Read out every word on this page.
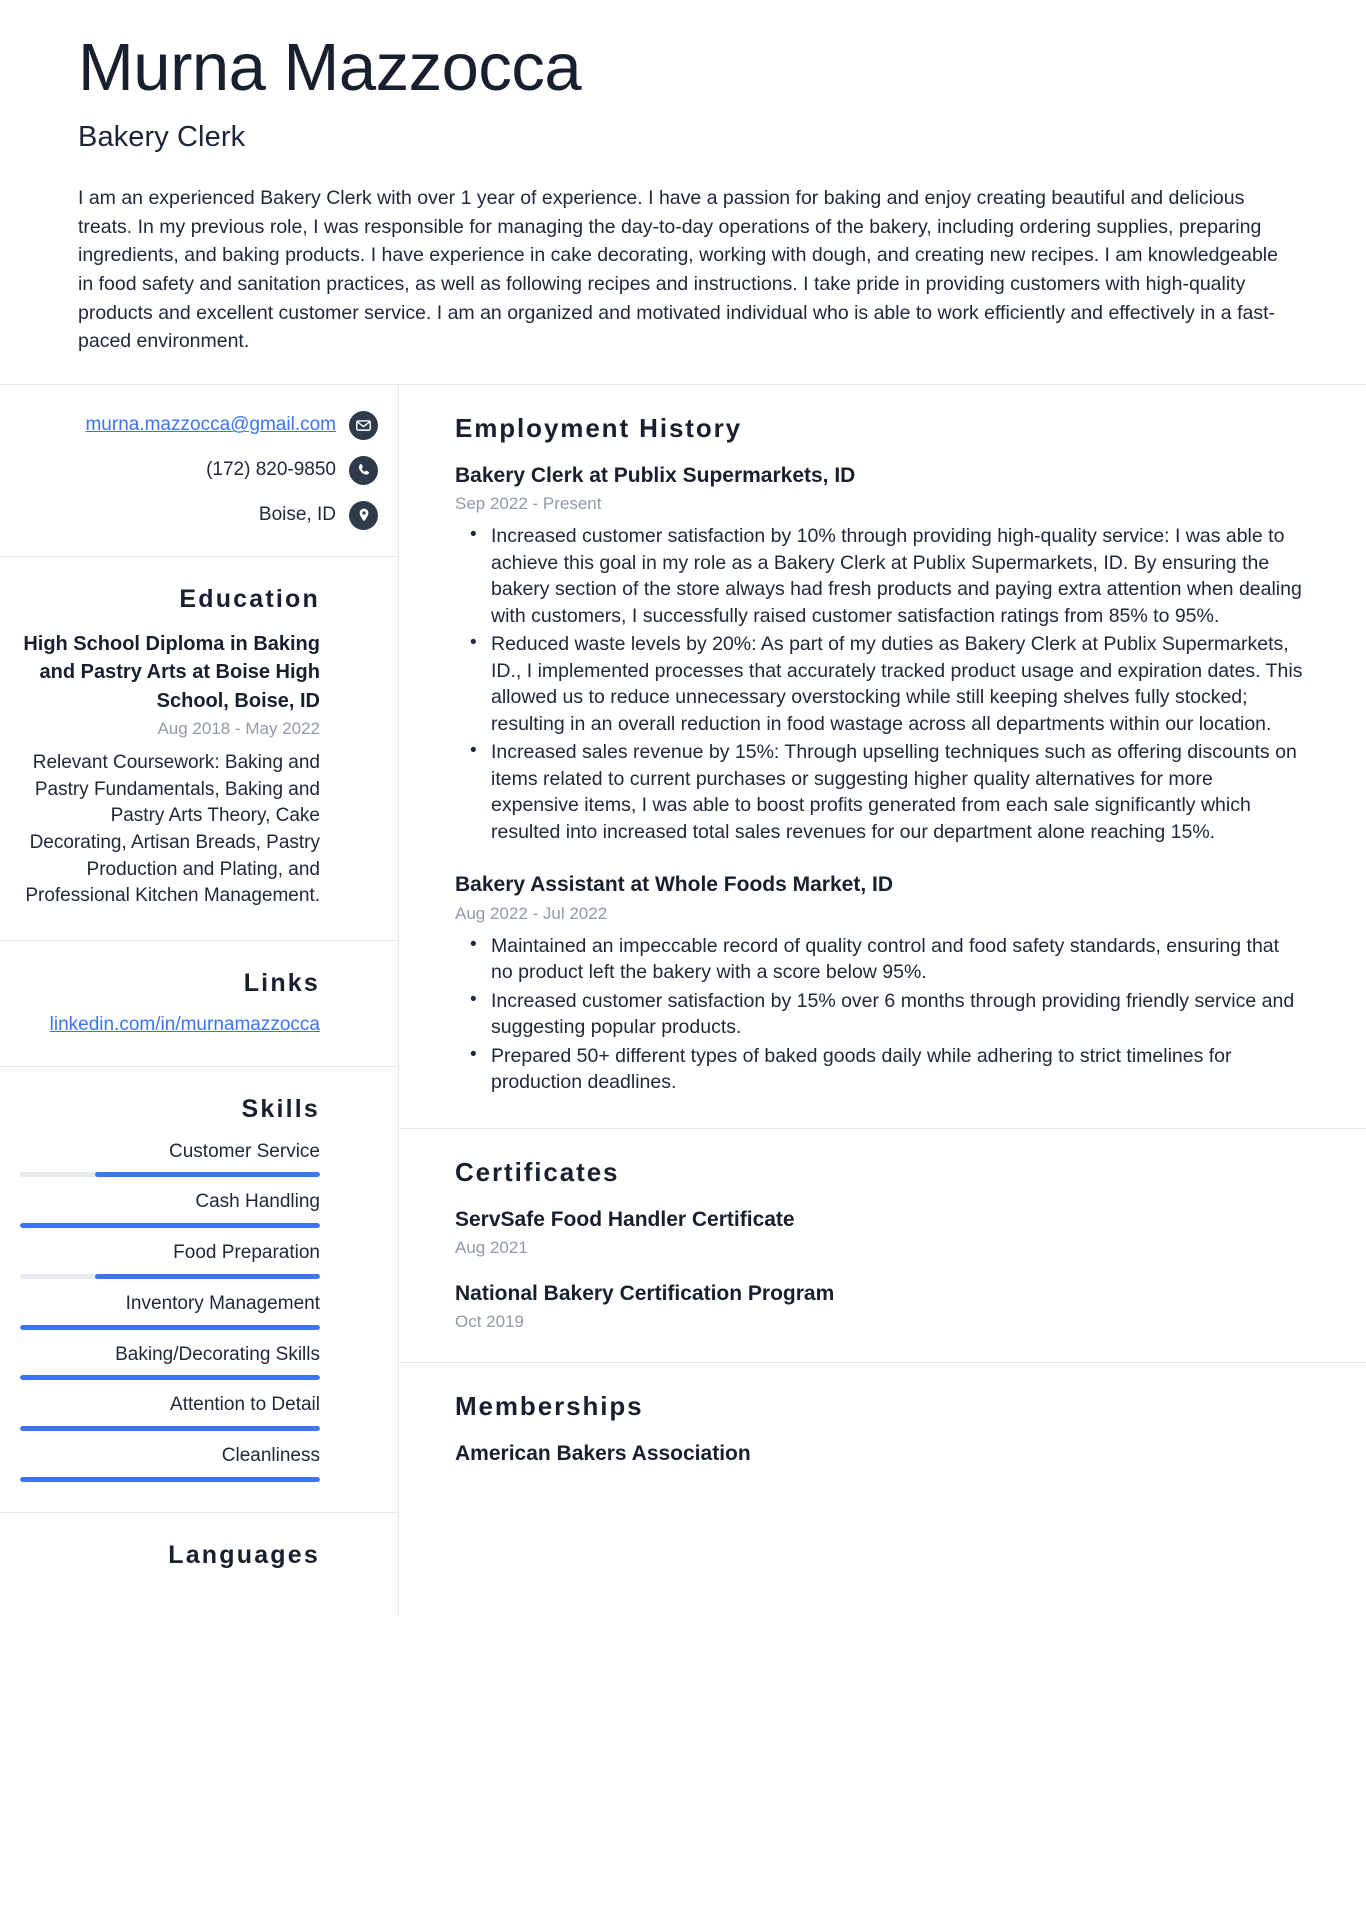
Murna Mazzocca
Bakery Clerk
I am an experienced Bakery Clerk with over 1 year of experience. I have a passion for baking and enjoy creating beautiful and delicious treats. In my previous role, I was responsible for managing the day-to-day operations of the bakery, including ordering supplies, preparing ingredients, and baking products. I have experience in cake decorating, working with dough, and creating new recipes. I am knowledgeable in food safety and sanitation practices, as well as following recipes and instructions. I take pride in providing customers with high-quality products and excellent customer service. I am an organized and motivated individual who is able to work efficiently and effectively in a fast-paced environment.
murna.mazzocca@gmail.com
(172) 820-9850
Boise, ID
Education
High School Diploma in Baking and Pastry Arts at Boise High School, Boise, ID
Aug 2018 - May 2022
Relevant Coursework: Baking and Pastry Fundamentals, Baking and Pastry Arts Theory, Cake Decorating, Artisan Breads, Pastry Production and Plating, and Professional Kitchen Management.
Links
linkedin.com/in/murnamazzocca
Skills
Customer Service
Cash Handling
Food Preparation
Inventory Management
Baking/Decorating Skills
Attention to Detail
Cleanliness
Languages
Employment History
Bakery Clerk at Publix Supermarkets, ID
Sep 2022 - Present
• Increased customer satisfaction by 10% through providing high-quality service: I was able to achieve this goal in my role as a Bakery Clerk at Publix Supermarkets, ID. By ensuring the bakery section of the store always had fresh products and paying extra attention when dealing with customers, I successfully raised customer satisfaction ratings from 85% to 95%.
• Reduced waste levels by 20%: As part of my duties as Bakery Clerk at Publix Supermarkets, ID., I implemented processes that accurately tracked product usage and expiration dates. This allowed us to reduce unnecessary overstocking while still keeping shelves fully stocked; resulting in an overall reduction in food wastage across all departments within our location.
• Increased sales revenue by 15%: Through upselling techniques such as offering discounts on items related to current purchases or suggesting higher quality alternatives for more expensive items, I was able to boost profits generated from each sale significantly which resulted into increased total sales revenues for our department alone reaching 15%.
Bakery Assistant at Whole Foods Market, ID
Aug 2022 - Jul 2022
• Maintained an impeccable record of quality control and food safety standards, ensuring that no product left the bakery with a score below 95%.
• Increased customer satisfaction by 15% over 6 months through providing friendly service and suggesting popular products.
• Prepared 50+ different types of baked goods daily while adhering to strict timelines for production deadlines.
Certificates
ServSafe Food Handler Certificate
Aug 2021
National Bakery Certification Program
Oct 2019
Memberships
American Bakers Association
